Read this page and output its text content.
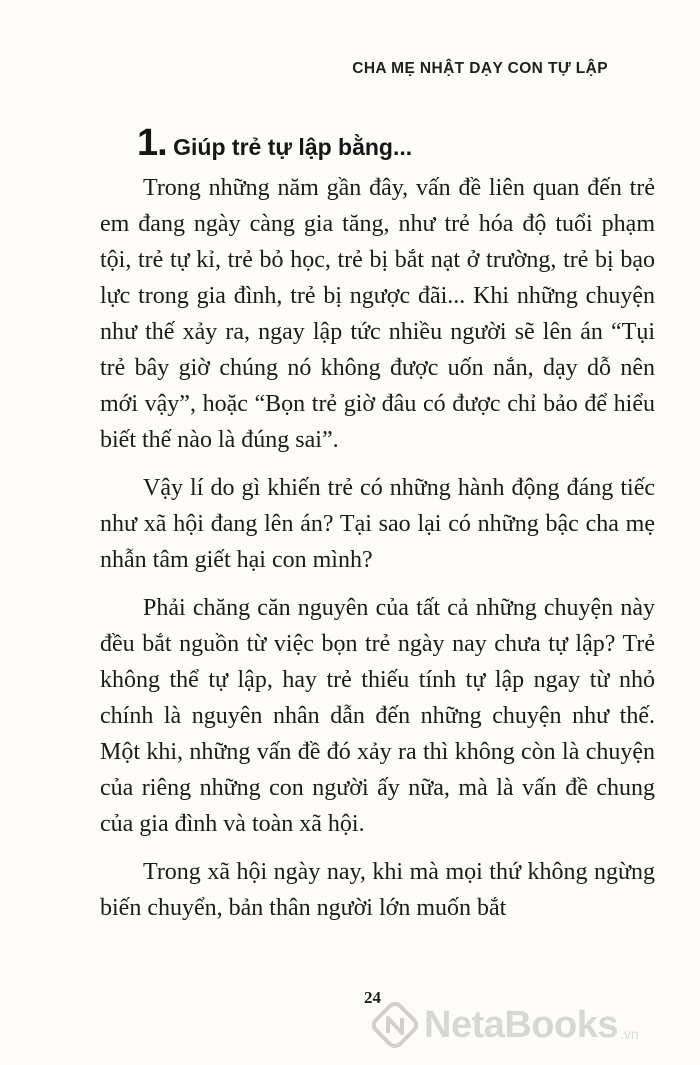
CHA MẸ NHẬT DẠY CON TỰ LẬP
1. Giúp trẻ tự lập bằng...

Trong những năm gần đây, vấn đề liên quan đến trẻ em đang ngày càng gia tăng, như trẻ hóa độ tuổi phạm tội, trẻ tự kỉ, trẻ bỏ học, trẻ bị bắt nạt ở trường, trẻ bị bạo lực trong gia đình, trẻ bị ngược đãi... Khi những chuyện như thế xảy ra, ngay lập tức nhiều người sẽ lên án “Tụi trẻ bây giờ chúng nó không được uốn nắn, dạy dỗ nên mới vậy”, hoặc “Bọn trẻ giờ đâu có được chỉ bảo để hiểu biết thế nào là đúng sai”.

Vậy lí do gì khiến trẻ có những hành động đáng tiếc như xã hội đang lên án? Tại sao lại có những bậc cha mẹ nhẫn tâm giết hại con mình?

Phải chăng căn nguyên của tất cả những chuyện này đều bắt nguồn từ việc bọn trẻ ngày nay chưa tự lập? Trẻ không thể tự lập, hay trẻ thiếu tính tự lập ngay từ nhỏ chính là nguyên nhân dẫn đến những chuyện như thế. Một khi, những vấn đề đó xảy ra thì không còn là chuyện của riêng những con người ấy nữa, mà là vấn đề chung của gia đình và toàn xã hội.

Trong xã hội ngày nay, khi mà mọi thứ không ngừng biến chuyển, bản thân người lớn muốn bắt

24
NetaBooks .vn
